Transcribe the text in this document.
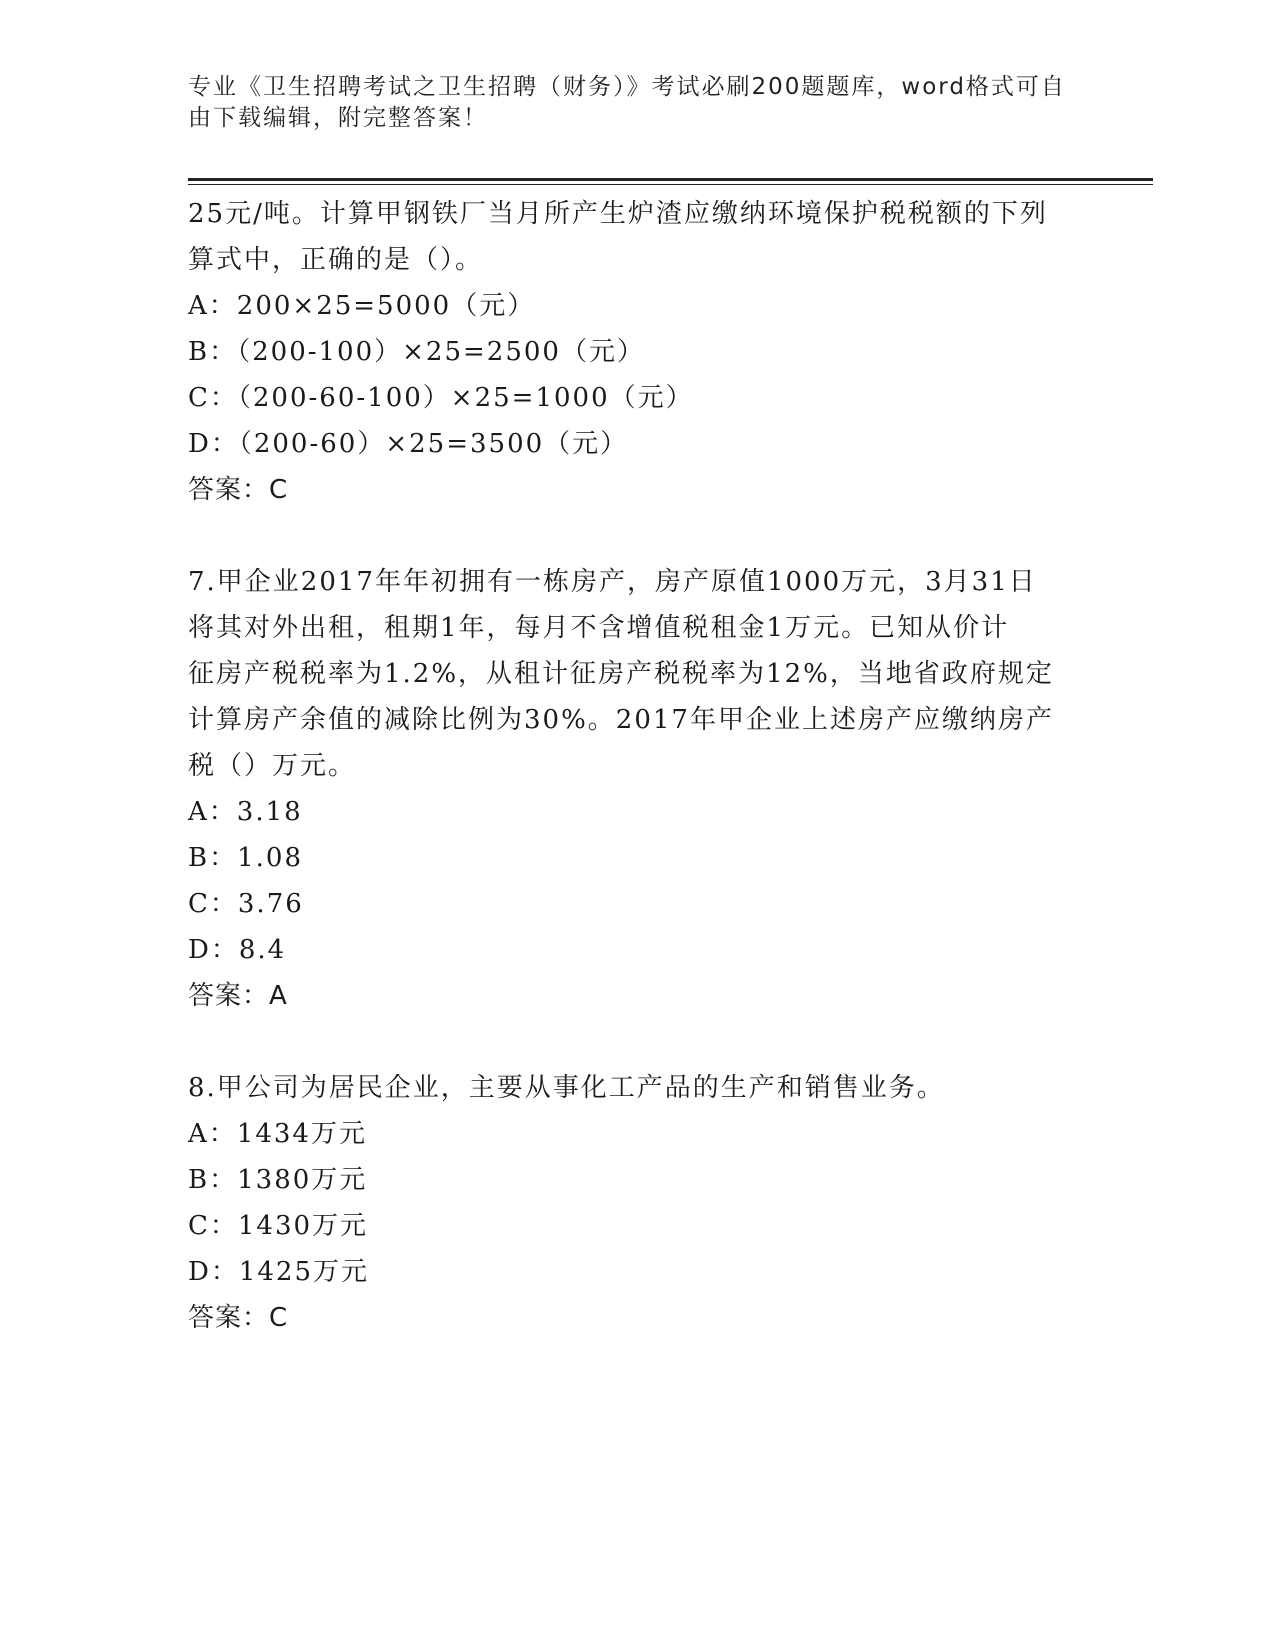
专业《卫生招聘考试之卫生招聘（财务）》考试必刷200题题库，word格式可自

由下载编辑，附完整答案！

25元/吨。计算甲钢铁厂当月所产生炉渣应缴纳环境保护税税额的下列

算式中，正确的是（）。

A：200×25=5000（元）

B：（200-100）×25=2500（元）

C：（200-60-100）×25=1000（元）

D：（200-60）×25=3500（元）

答案：C

7.甲企业2017年年初拥有一栋房产，房产原值1000万元，3月31日

将其对外出租，租期1年，每月不含增值税租金1万元。已知从价计

征房产税税率为1.2%，从租计征房产税税率为12%，当地省政府规定

计算房产余值的减除比例为30%。2017年甲企业上述房产应缴纳房产

税（）万元。

A：3.18

B：1.08

C：3.76

D：8.4

答案：A

8.甲公司为居民企业，主要从事化工产品的生产和销售业务。

A：1434万元

B：1380万元

C：1430万元

D：1425万元

答案：C
